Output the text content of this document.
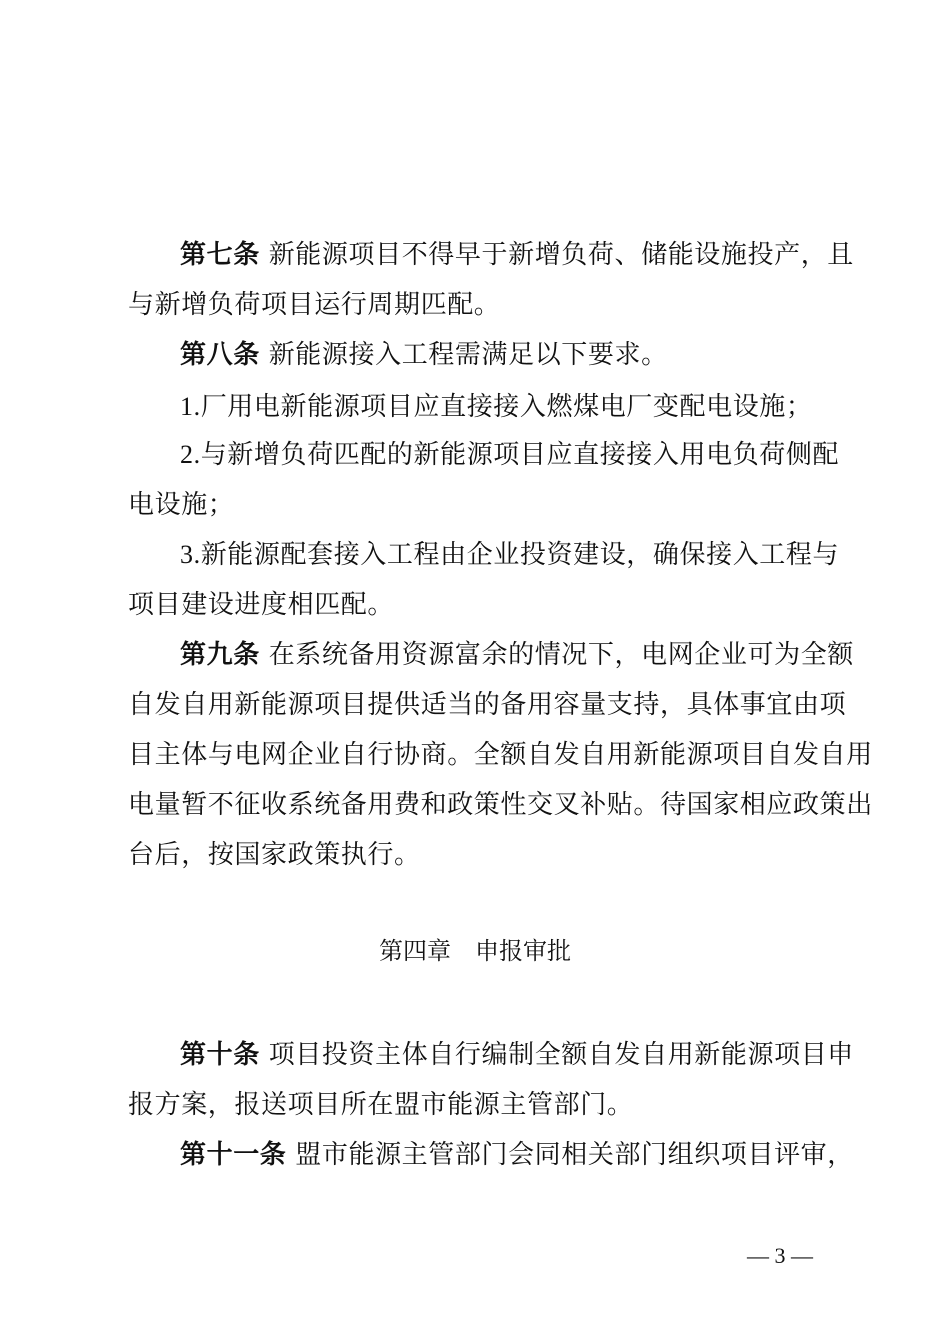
第七条 新能源项目不得早于新增负荷、储能设施投产，且
与新增负荷项目运行周期匹配。
第八条 新能源接入工程需满足以下要求。
1.厂用电新能源项目应直接接入燃煤电厂变配电设施；
2.与新增负荷匹配的新能源项目应直接接入用电负荷侧配
电设施；
3.新能源配套接入工程由企业投资建设，确保接入工程与
项目建设进度相匹配。
第九条 在系统备用资源富余的情况下，电网企业可为全额
自发自用新能源项目提供适当的备用容量支持，具体事宜由项
目主体与电网企业自行协商。全额自发自用新能源项目自发自用
电量暂不征收系统备用费和政策性交叉补贴。待国家相应政策出
台后，按国家政策执行。
第四章　申报审批
第十条 项目投资主体自行编制全额自发自用新能源项目申
报方案，报送项目所在盟市能源主管部门。
第十一条 盟市能源主管部门会同相关部门组织项目评审，
— 3 —
